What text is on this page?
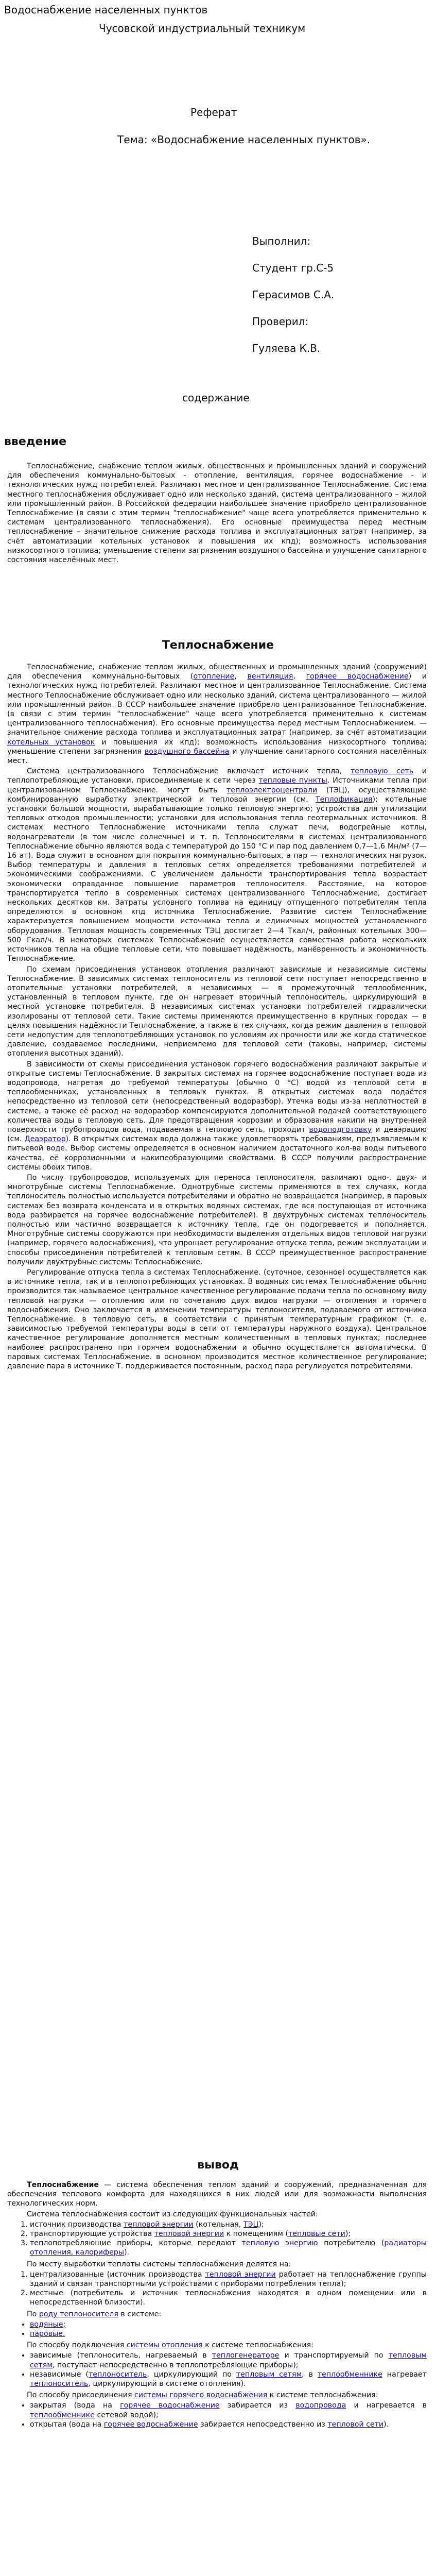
Водоснабжение населенных пунктов
Чусовской индустриальный техникум
Реферат
Тема: «Водоснабжение населенных пунктов».
Выполнил:
Студент гр.С-5
Герасимов С.А.
Проверил:
Гуляева К.В.
содержание
введение

Теплоснабжение, снабжение теплом жилых, общественных и промышленных зданий и сооружений для обеспечения коммунально-бытовых - отопление, вентиляция, горячее водоснабжение - и технологических нужд потребителей. Различают местное и централизованное Теплоснабжение. Система местного теплоснабжения обслуживает одно или несколько зданий, система централизованного – жилой или промышленный район. В Российской федерации наибольшее значение приобрело централизованное Теплоснабжение (в связи с этим термин "теплоснабжение" чаще всего употребляется применительно к системам централизованного теплоснабжения). Его основные преимущества перед местным теплоснабжение – значительное снижение расхода топлива и эксплуатационных затрат (например, за счёт автоматизации котельных установок и повышения их кпд); возможность использования низкосортного топлива; уменьшение степени загрязнения воздушного бассейна и улучшение санитарного состояния населённых мест.

Теплоснабжение

Теплоснабжение, снабжение теплом жилых, общественных и промышленных зданий (сооружений) для обеспечения коммунально-бытовых (отопление, вентиляция, горячее водоснабжение) и технологических нужд потребителей. Различают местное и централизованное Теплоснабжение. Система местного Теплоснабжение обслуживает одно или несколько зданий, система централизованного — жилой или промышленный район. В СССР наибольшее значение приобрело централизованное Теплоснабжение. (в связи с этим термин "теплоснабжение" чаще всего употребляется применительно к системам централизованного теплоснабжения). Его основные преимущества перед местным Теплоснабжением. — значительное снижение расхода топлива и эксплуатационных затрат (например, за счёт автоматизации котельных установок и повышения их кпд); возможность использования низкосортного топлива; уменьшение степени загрязнения воздушного бассейна и улучшение санитарного состояния населённых мест.

Система централизованного Теплоснабжение включает источник тепла, тепловую сеть и теплопотребляющие установки, присоединяемые к сети через тепловые пункты. Источниками тепла при централизованном Теплоснабжение. могут быть теплоэлектроцентрали (ТЭЦ), осуществляющие комбинированную выработку электрической и тепловой энергии (см. Теплофикация); котельные установки большой мощности, вырабатывающие только тепловую энергию; устройства для утилизации тепловых отходов промышленности; установки для использования тепла геотермальных источников. В системах местного Теплоснабжение источниками тепла служат печи, водогрейные котлы, водонагреватели (в том числе солнечные) и т. п. Теплоносителями в системах централизованного Теплоснабжение обычно являются вода с температурой до 150 °С и пар под давлением 0,7—1,6 Мн/м² (7—16 ат). Вода служит в основном для покрытия коммунально-бытовых, а пар — технологических нагрузок. Выбор температуры и давления в тепловых сетях определяется требованиями потребителей и экономическими соображениями. С увеличением дальности транспортирования тепла возрастает экономически оправданное повышение параметров теплоносителя. Расстояние, на которое транспортируется тепло в современных системах централизованного Теплоснабжение, достигает нескольких десятков км. Затраты условного топлива на единицу отпущенного потребителям тепла определяются в основном кпд источника Теплоснабжение. Развитие систем Теплоснабжение характеризуется повышением мощности источника тепла и единичных мощностей установленного оборудования. Тепловая мощность современных ТЭЦ достигает 2—4 Ткал/ч, районных котельных 300—500 Гкал/ч. В некоторых системах Теплоснабжение осуществляется совместная работа нескольких источников тепла на общие тепловые сети, что повышает надёжность, манёвренность и экономичность Теплоснабжение.

По схемам присоединения установок отопления различают зависимые и независимые системы Теплоснабжение. В зависимых системах теплоноситель из тепловой сети поступает непосредственно в отопительные установки потребителей, в независимых — в промежуточный теплообменник, установленный в тепловом пункте, где он нагревает вторичный теплоноситель, циркулирующий в местной установке потребителя. В независимых системах установки потребителей гидравлически изолированы от тепловой сети. Такие системы применяются преимущественно в крупных городах — в целях повышения надёжности Теплоснабжение, а также в тех случаях, когда режим давления в тепловой сети недопустим для теплопотребляющих установок по условиям их прочности или же когда статическое давление, создаваемое последними, неприемлемо для тепловой сети (таковы, например, системы отопления высотных зданий).

В зависимости от схемы присоединения установок горячего водоснабжения различают закрытые и открытые системы Теплоснабжение. В закрытых системах на горячее водоснабжение поступает вода из водопровода, нагретая до требуемой температуры (обычно 0 °С) водой из тепловой сети в теплообменниках, установленных в тепловых пунктах. В открытых системах вода подаётся непосредственно из тепловой сети (непосредственный водоразбор). Утечка воды из-за неплотностей в системе, а также её расход на водоразбор компенсируются дополнительной подачей соответствующего количества воды в тепловую сеть. Для предотвращения коррозии и образования накипи на внутренней поверхности трубопроводов вода, подаваемая в тепловую сеть, проходит водоподготовку и деаэрацию (см. Деаэратор). В открытых системах вода должна также удовлетворять требованиям, предъявляемым к питьевой воде. Выбор системы определяется в основном наличием достаточного кол-ва воды питьевого качества, её коррозионными и накипеобразующими свойствами. В СССР получили распространение системы обоих типов.

По числу трубопроводов, используемых для переноса теплоносителя, различают одно-, двух- и многотрубные системы Теплоснабжение. Однотрубные системы применяются в тех случаях, когда теплоноситель полностью используется потребителями и обратно не возвращается (например, в паровых системах без возврата конденсата и в открытых водяных системах, где вся поступающая от источника вода разбирается на горячее водоснабжение потребителей). В двухтрубных системах теплоноситель полностью или частично возвращается к источнику тепла, где он подогревается и пополняется. Многотрубные системы сооружаются при необходимости выделения отдельных видов тепловой нагрузки (например, горячего водоснабжения), что упрощает регулирование отпуска тепла, режим эксплуатации и способы присоединения потребителей к тепловым сетям. В СССР преимущественное распространение получили двухтрубные системы Теплоснабжение.

Регулирование отпуска тепла в системах Теплоснабжение. (суточное, сезонное) осуществляется как в источнике тепла, так и в теплопотребляющих установках. В водяных системах Теплоснабжение обычно производится так называемое центральное качественное регулирование подачи тепла по основному виду тепловой нагрузки — отоплению или по сочетанию двух видов нагрузки — отопления и горячего водоснабжения. Оно заключается в изменении температуры теплоносителя, подаваемого от источника Теплоснабжение. в тепловую сеть, в соответствии с принятым температурным графиком (т. е. зависимостью требуемой температуры воды в сети от температуры наружного воздуха). Центральное качественное регулирование дополняется местным количественным в тепловых пунктах; последнее наиболее распространено при горячем водоснабжении и обычно осуществляется автоматически. В паровых системах Теплоснабжение. в основном производится местное количественное регулирование; давление пара в источнике Т. поддерживается постоянным, расход пара регулируется потребителями.

вывод

Теплоснабжение — система обеспечения теплом зданий и сооружений, предназначенная для обеспечения теплового комфорта для находящихся в них людей или для возможности выполнения технологических норм.

Система теплоснабжения состоит из следующих функциональных частей:

1. источник производства тепловой энергии (котельная, ТЭЦ);
2. транспортирующие устройства тепловой энергии к помещениям (тепловые сети);
3. теплопотребляющие приборы, которые передают тепловую энергию потребителю (радиаторы отопления, калориферы).

По месту выработки теплоты системы теплоснабжения делятся на:

1. централизованные (источник производства тепловой энергии работает на теплоснабжение группы зданий и связан транспортными устройствами с приборами потребления тепла);
2. местные (потребитель и источник теплоснабжения находятся в одном помещении или в непосредственной близости).

По роду теплоносителя в системе:

• водяные;
• паровые.

По способу подключения системы отопления к системе теплоснабжения:

• зависимые (теплоноситель, нагреваемый в теплогенераторе и транспортируемый по тепловым сетям, поступает непосредственно в теплопотребляющие приборы);
• независимые (теплоноситель, циркулирующий по тепловым сетям, в теплообменнике нагревает теплоноситель, циркулирующий в системе отопления).

По способу присоединения системы горячего водоснабжения к системе теплоснабжения:

• закрытая (вода на горячее водоснабжение забирается из водопровода и нагревается в теплообменнике сетевой водой);
• открытая (вода на горячее водоснабжение забирается непосредственно из тепловой сети).
